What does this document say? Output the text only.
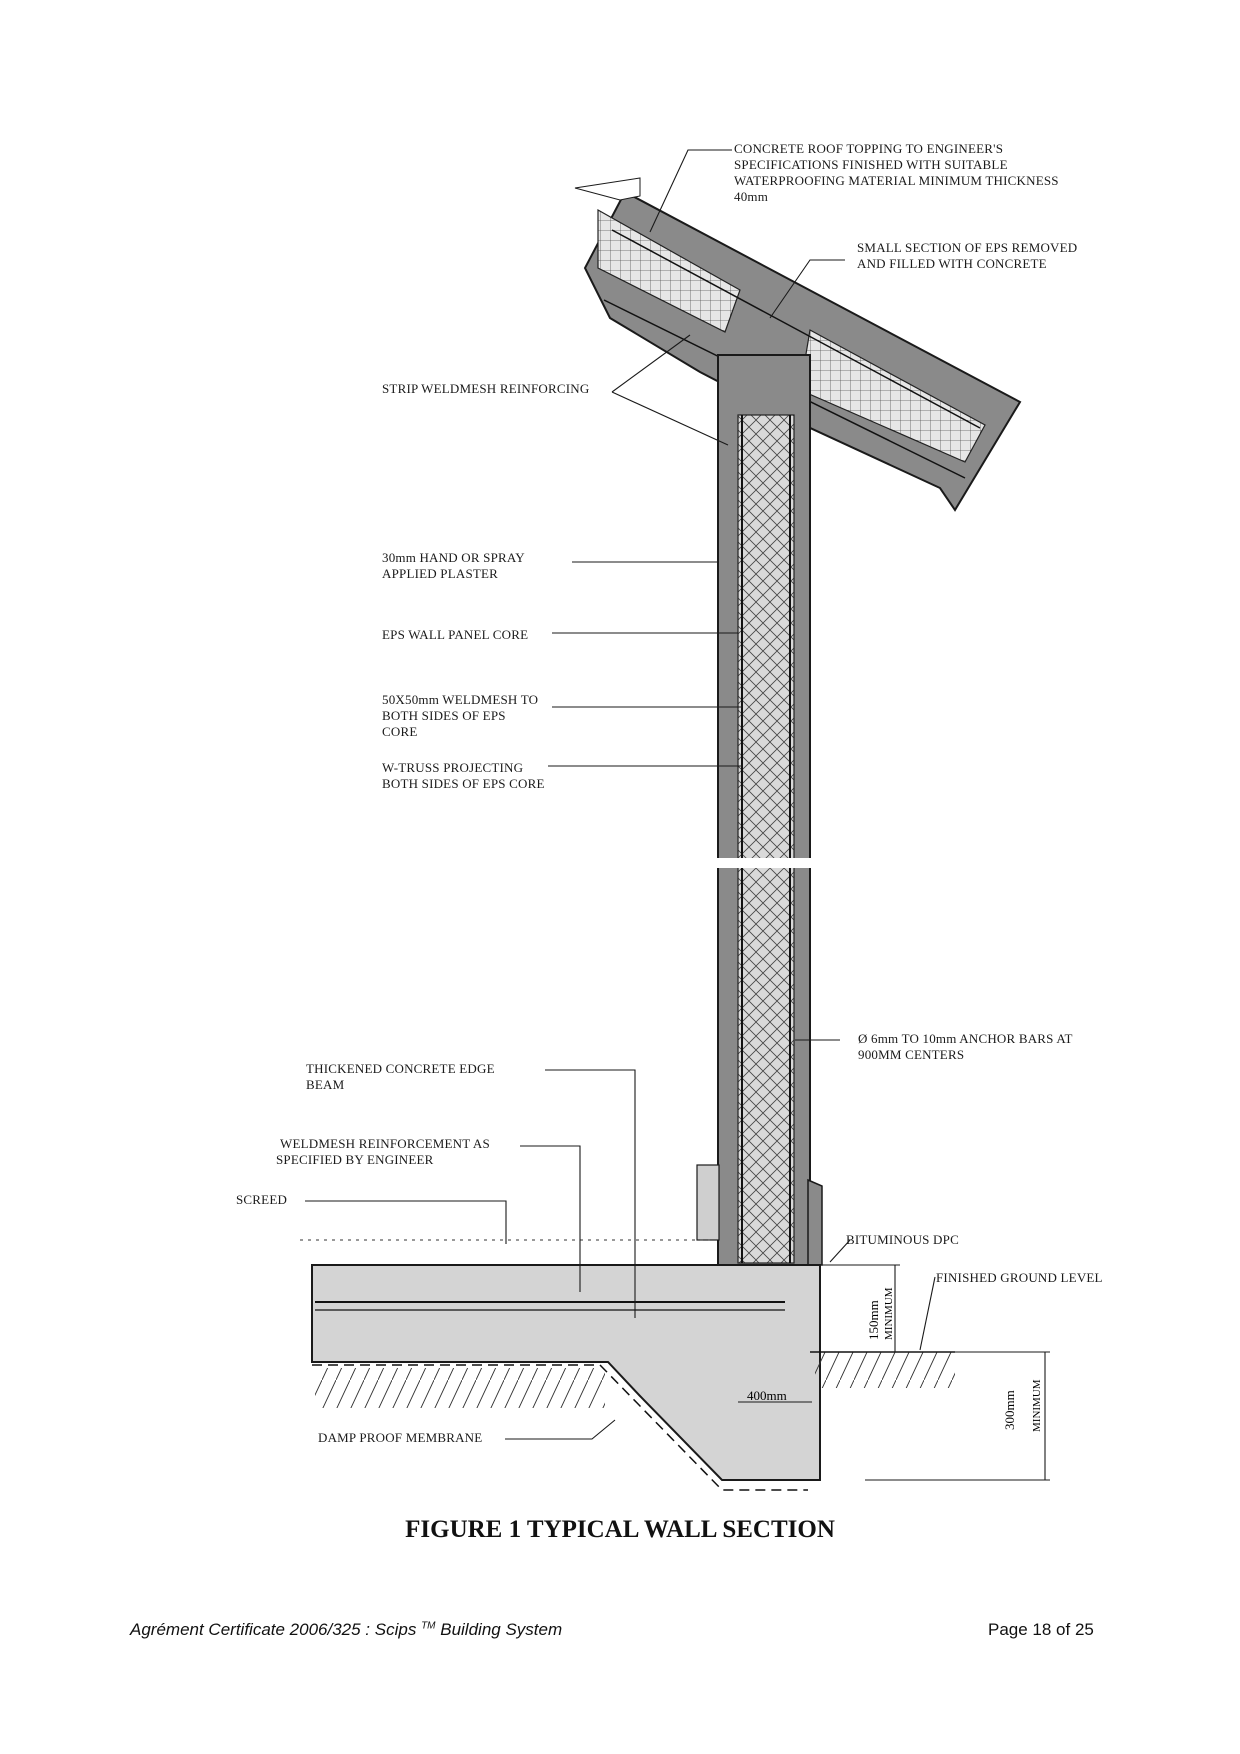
150mm MINIMUM
300mm MINIMUM
400mm
CONCRETE ROOF TOPPING TO ENGINEER'S
SPECIFICATIONS FINISHED WITH SUITABLE
WATERPROOFING MATERIAL MINIMUM THICKNESS
40mm
SMALL SECTION OF EPS REMOVED
AND FILLED WITH CONCRETE
STRIP WELDMESH REINFORCING
30mm HAND OR SPRAY
APPLIED PLASTER
EPS WALL PANEL CORE
50X50mm WELDMESH TO
BOTH SIDES OF EPS
CORE
W-TRUSS PROJECTING
BOTH SIDES OF EPS CORE
Ø 6mm TO 10mm ANCHOR BARS AT
900MM CENTERS
THICKENED CONCRETE EDGE
BEAM
WELDMESH REINFORCEMENT AS
SPECIFIED BY ENGINEER
SCREED
BITUMINOUS DPC
FINISHED GROUND LEVEL
DAMP PROOF MEMBRANE
FIGURE 1 TYPICAL WALL SECTION
Agrément Certificate 2006/325 : Scips ™ Building System	Page 18 of 25
